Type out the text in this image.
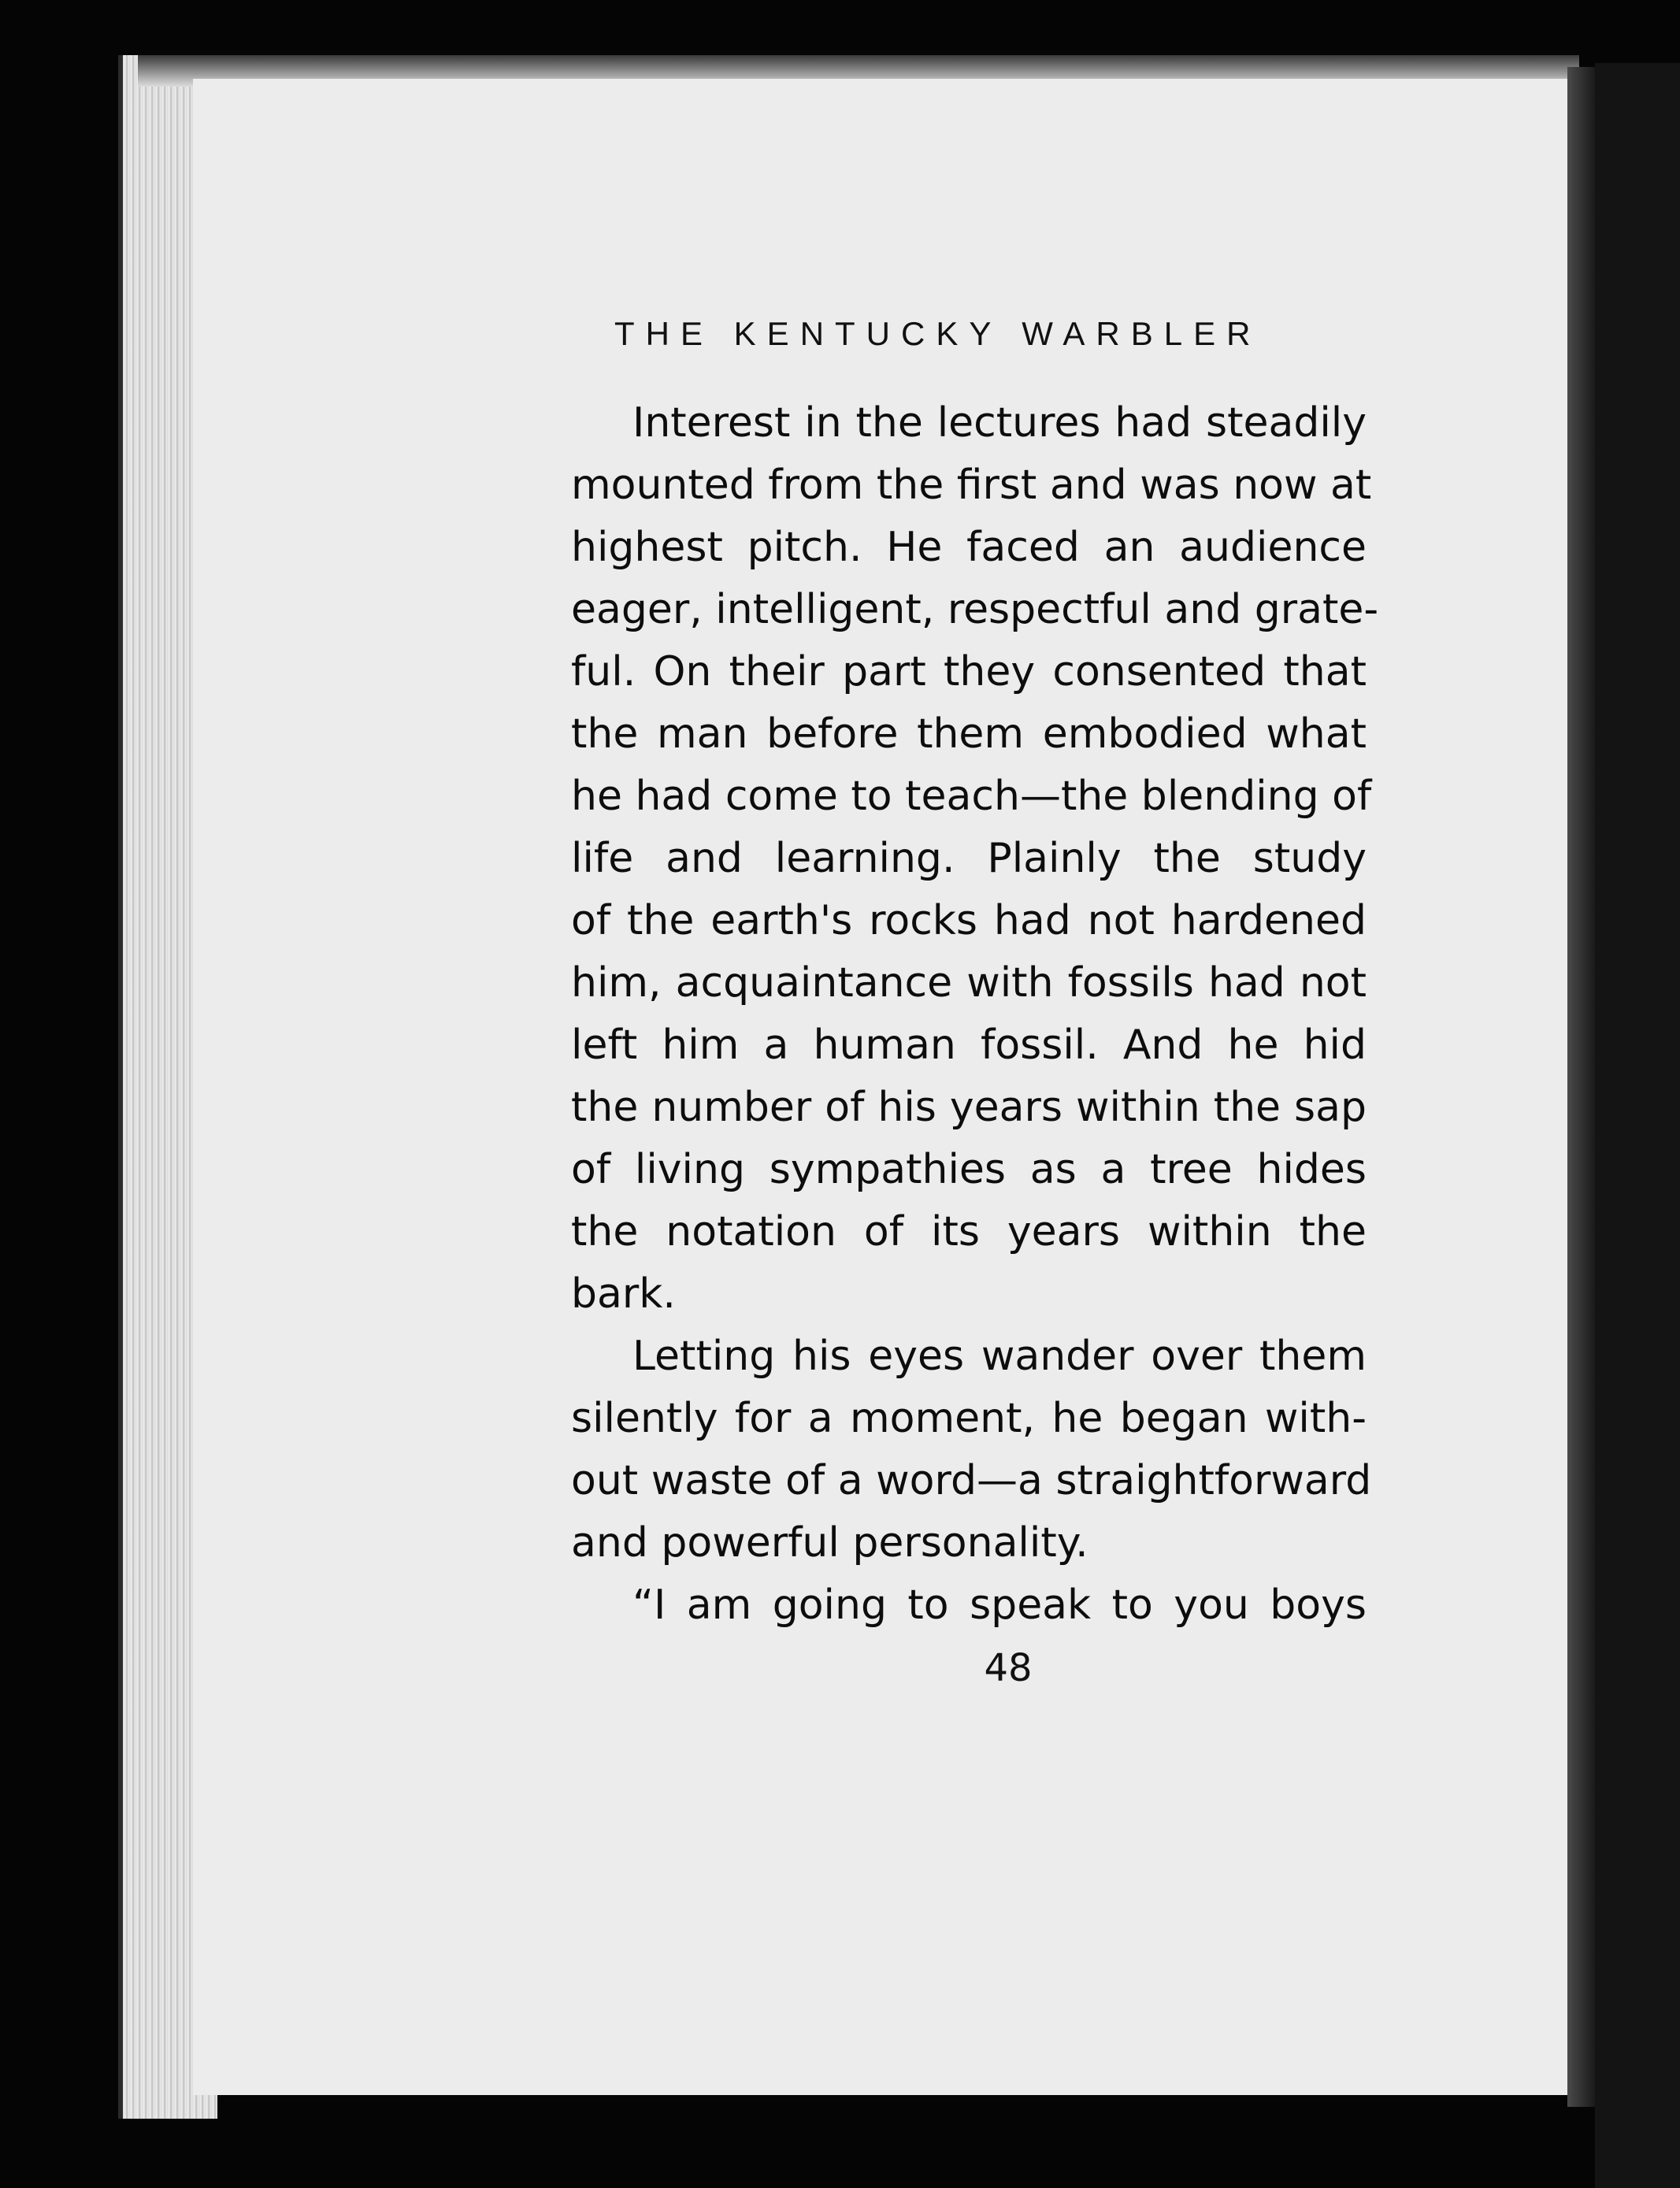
THE KENTUCKY WARBLER
Interest in the lectures had steadily
mounted from the first and was now at
highest pitch. He faced an audience
eager, intelligent, respectful and grate-
ful. On their part they consented that
the man before them embodied what
he had come to teach—the blending of
life and learning. Plainly the study
of the earth's rocks had not hardened
him, acquaintance with fossils had not
left him a human fossil. And he hid
the number of his years within the sap
of living sympathies as a tree hides
the notation of its years within the
bark.
Letting his eyes wander over them
silently for a moment, he began with-
out waste of a word—a straightforward
and powerful personality.
“I am going to speak to you boys
48
